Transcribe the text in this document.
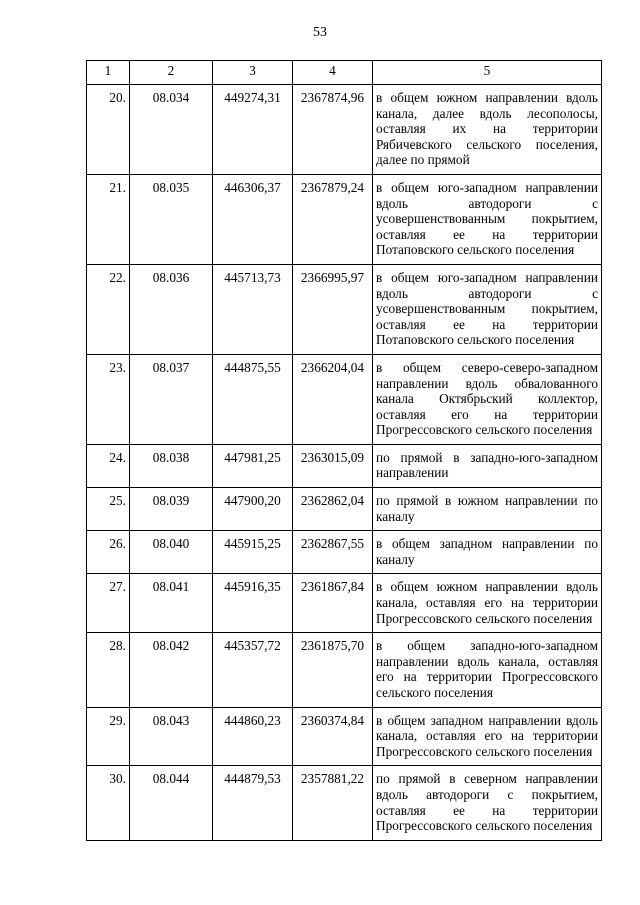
53
1	2	3	4	5
20.	08.034	449274,31	2367874,96	в общем южном направлении вдоль канала, далее вдоль лесополосы, оставляя их на территории Рябичевского сельского поселения, далее по прямой
21.	08.035	446306,37	2367879,24	в общем юго-западном направлении вдоль автодороги с усовершенствованным покрытием, оставляя ее на территории Потаповского сельского поселения
22.	08.036	445713,73	2366995,97	в общем юго-западном направлении вдоль автодороги с усовершенствованным покрытием, оставляя ее на территории Потаповского сельского поселения
23.	08.037	444875,55	2366204,04	в общем северо-северо-западном направлении вдоль обвалованного канала Октябрьский коллектор, оставляя его на территории Прогрессовского сельского поселения
24.	08.038	447981,25	2363015,09	по прямой в западно-юго-западном направлении
25.	08.039	447900,20	2362862,04	по прямой в южном направлении по каналу
26.	08.040	445915,25	2362867,55	в общем западном направлении по каналу
27.	08.041	445916,35	2361867,84	в общем южном направлении вдоль канала, оставляя его на территории Прогрессовского сельского поселения
28.	08.042	445357,72	2361875,70	в общем западно-юго-западном направлении вдоль канала, оставляя его на территории Прогрессовского сельского поселения
29.	08.043	444860,23	2360374,84	в общем западном направлении вдоль канала, оставляя его на территории Прогрессовского сельского поселения
30.	08.044	444879,53	2357881,22	по прямой в северном направлении вдоль автодороги с покрытием, оставляя ее на территории Прогрессовского сельского поселения
